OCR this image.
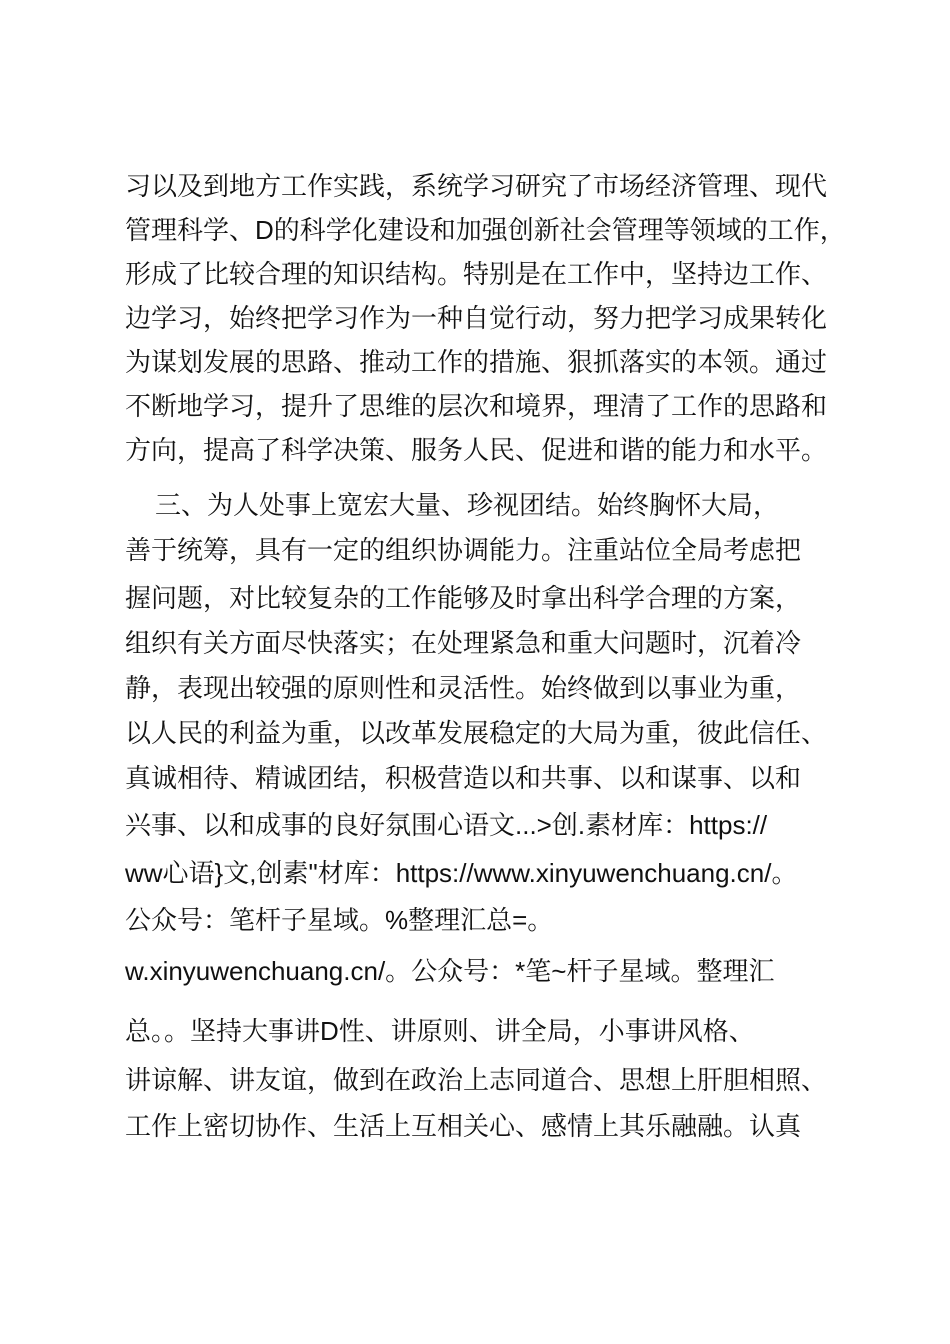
习以及到地方工作实践，系统学习研究了市场经济管理、现代
管理科学、D的科学化建设和加强创新社会管理等领域的工作，
形成了比较合理的知识结构。特别是在工作中，坚持边工作、
边学习，始终把学习作为一种自觉行动，努力把学习成果转化
为谋划发展的思路、推动工作的措施、狠抓落实的本领。通过
不断地学习，提升了思维的层次和境界，理清了工作的思路和
方向，提高了科学决策、服务人民、促进和谐的能力和水平。
三、为人处事上宽宏大量、珍视团结。始终胸怀大局，
善于统筹，具有一定的组织协调能力。注重站位全局考虑把
握问题，对比较复杂的工作能够及时拿出科学合理的方案，
组织有关方面尽快落实；在处理紧急和重大问题时，沉着冷
静，表现出较强的原则性和灵活性。始终做到以事业为重，
以人民的利益为重，以改革发展稳定的大局为重，彼此信任、
真诚相待、精诚团结，积极营造以和共事、以和谋事、以和
兴事、以和成事的良好氛围心语文...>创.素材库：https://
ww心语}文,创素"材库：https://www.xinyuwenchuang.cn/。
公众号：笔杆子星域。%整理汇总=。
w.xinyuwenchuang.cn/。公众号：*笔~杆子星域。整理汇
总。。坚持大事讲D性、讲原则、讲全局，小事讲风格、
讲谅解、讲友谊，做到在政治上志同道合、思想上肝胆相照、
工作上密切协作、生活上互相关心、感情上其乐融融。认真
